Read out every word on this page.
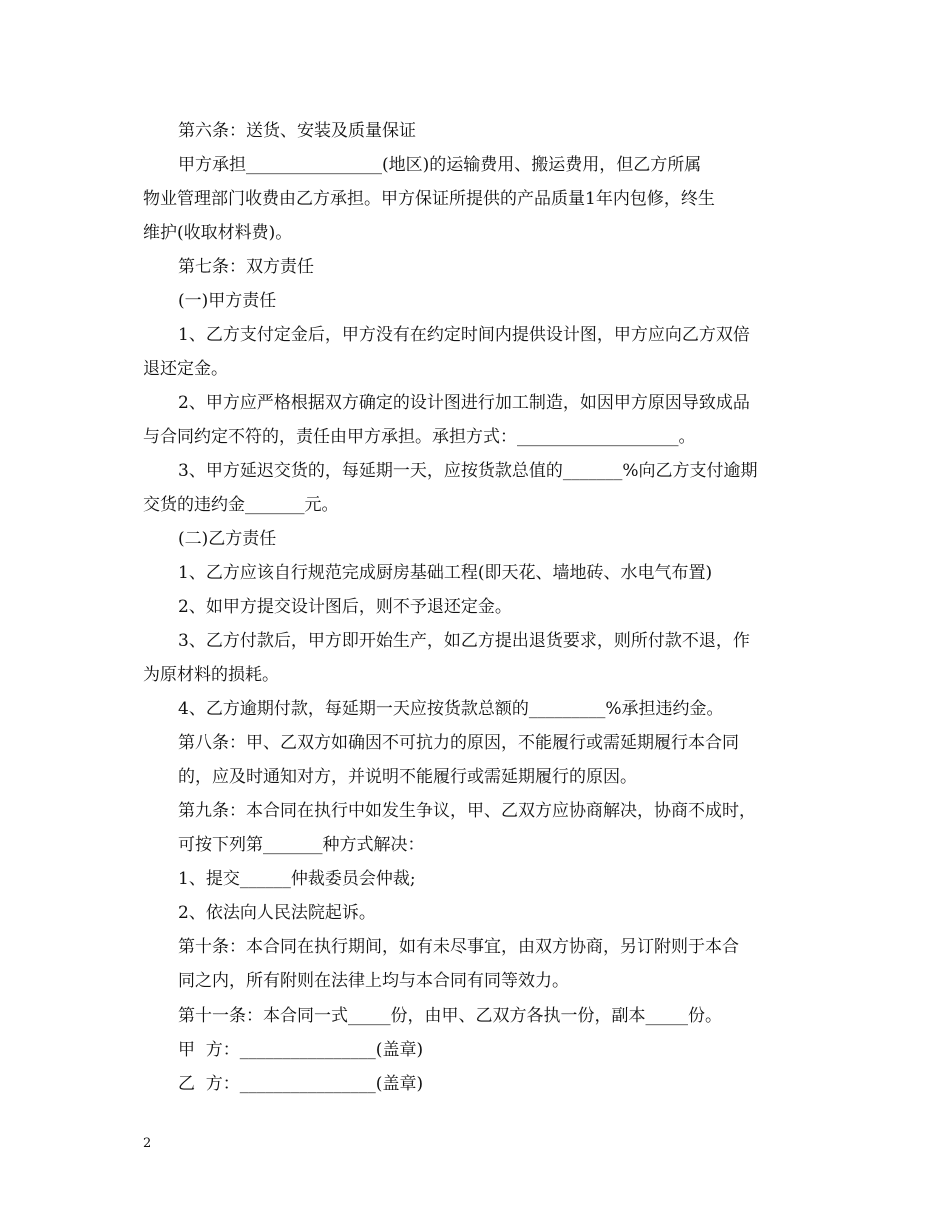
第六条：送货、安装及质量保证
甲方承担________________(地区)的运输费用、搬运费用，但乙方所属
物业管理部门收费由乙方承担。甲方保证所提供的产品质量1年内包修，终生
维护(收取材料费)。
第七条：双方责任
(一)甲方责任
1、乙方支付定金后，甲方没有在约定时间内提供设计图，甲方应向乙方双倍
退还定金。
2、甲方应严格根据双方确定的设计图进行加工制造，如因甲方原因导致成品
与合同约定不符的，责任由甲方承担。承担方式：___________________。
3、甲方延迟交货的，每延期一天，应按货款总值的_______%向乙方支付逾期
交货的违约金_______元。
(二)乙方责任
1、乙方应该自行规范完成厨房基础工程(即天花、墙地砖、水电气布置)
2、如甲方提交设计图后，则不予退还定金。
3、乙方付款后，甲方即开始生产，如乙方提出退货要求，则所付款不退，作
为原材料的损耗。
4、乙方逾期付款，每延期一天应按货款总额的_________%承担违约金。
第八条：甲、乙双方如确因不可抗力的原因，不能履行或需延期履行本合同
的，应及时通知对方，并说明不能履行或需延期履行的原因。
第九条：本合同在执行中如发生争议，甲、乙双方应协商解决，协商不成时，
可按下列第_______种方式解决：
1、提交______仲裁委员会仲裁;
2、依法向人民法院起诉。
第十条：本合同在执行期间，如有未尽事宜，由双方协商，另订附则于本合
同之内，所有附则在法律上均与本合同有同等效力。
第十一条：本合同一式_____份，由甲、乙双方各执一份，副本_____份。
甲  方：________________(盖章)
乙  方：________________(盖章)
2
